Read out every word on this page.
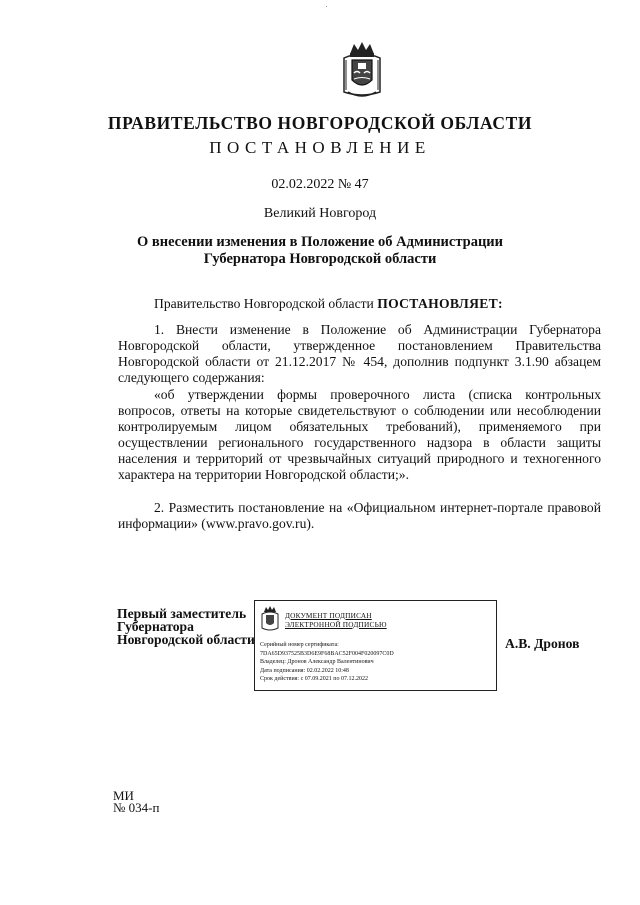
ПРАВИТЕЛЬСТВО НОВГОРОДСКОЙ ОБЛАСТИ
ПОСТАНОВЛЕНИЕ
02.02.2022 № 47
Великий Новгород
О внесении изменения в Положение об Администрации
Губернатора Новгородской области
Правительство Новгородской области ПОСТАНОВЛЯЕТ:
1. Внести изменение в Положение об Администрации Губернатора Новгородской области, утвержденное постановлением Правительства Новгородской области от 21.12.2017 № 454, дополнив подпункт 3.1.90 абзацем следующего содержания:
«об утверждении формы проверочного листа (списка контрольных вопросов, ответы на которые свидетельствуют о соблюдении или несоблюдении контролируемым лицом обязательных требований), применяемого при осуществлении регионального государственного надзора в области защиты населения и территорий от чрезвычайных ситуаций природного и техногенного характера на территории Новгородской области;».
2. Разместить постановление на «Официальном интернет-портале правовой информации» (www.pravo.gov.ru).
Первый заместитель
Губернатора
Новгородской области
ДОКУМЕНТ ПОДПИСАН
ЭЛЕКТРОННОЙ ПОДПИСЬЮ
Серийный номер сертификата:
7DA65D937525B3D6E9F68BAC52F004F020097C0D
Владелец: Дронов Александр Валентинович
Дата подписания: 02.02.2022 10:48
Срок действия: с 07.09.2021 по 07.12.2022
А.В. Дронов
МИ
№ 034-п
